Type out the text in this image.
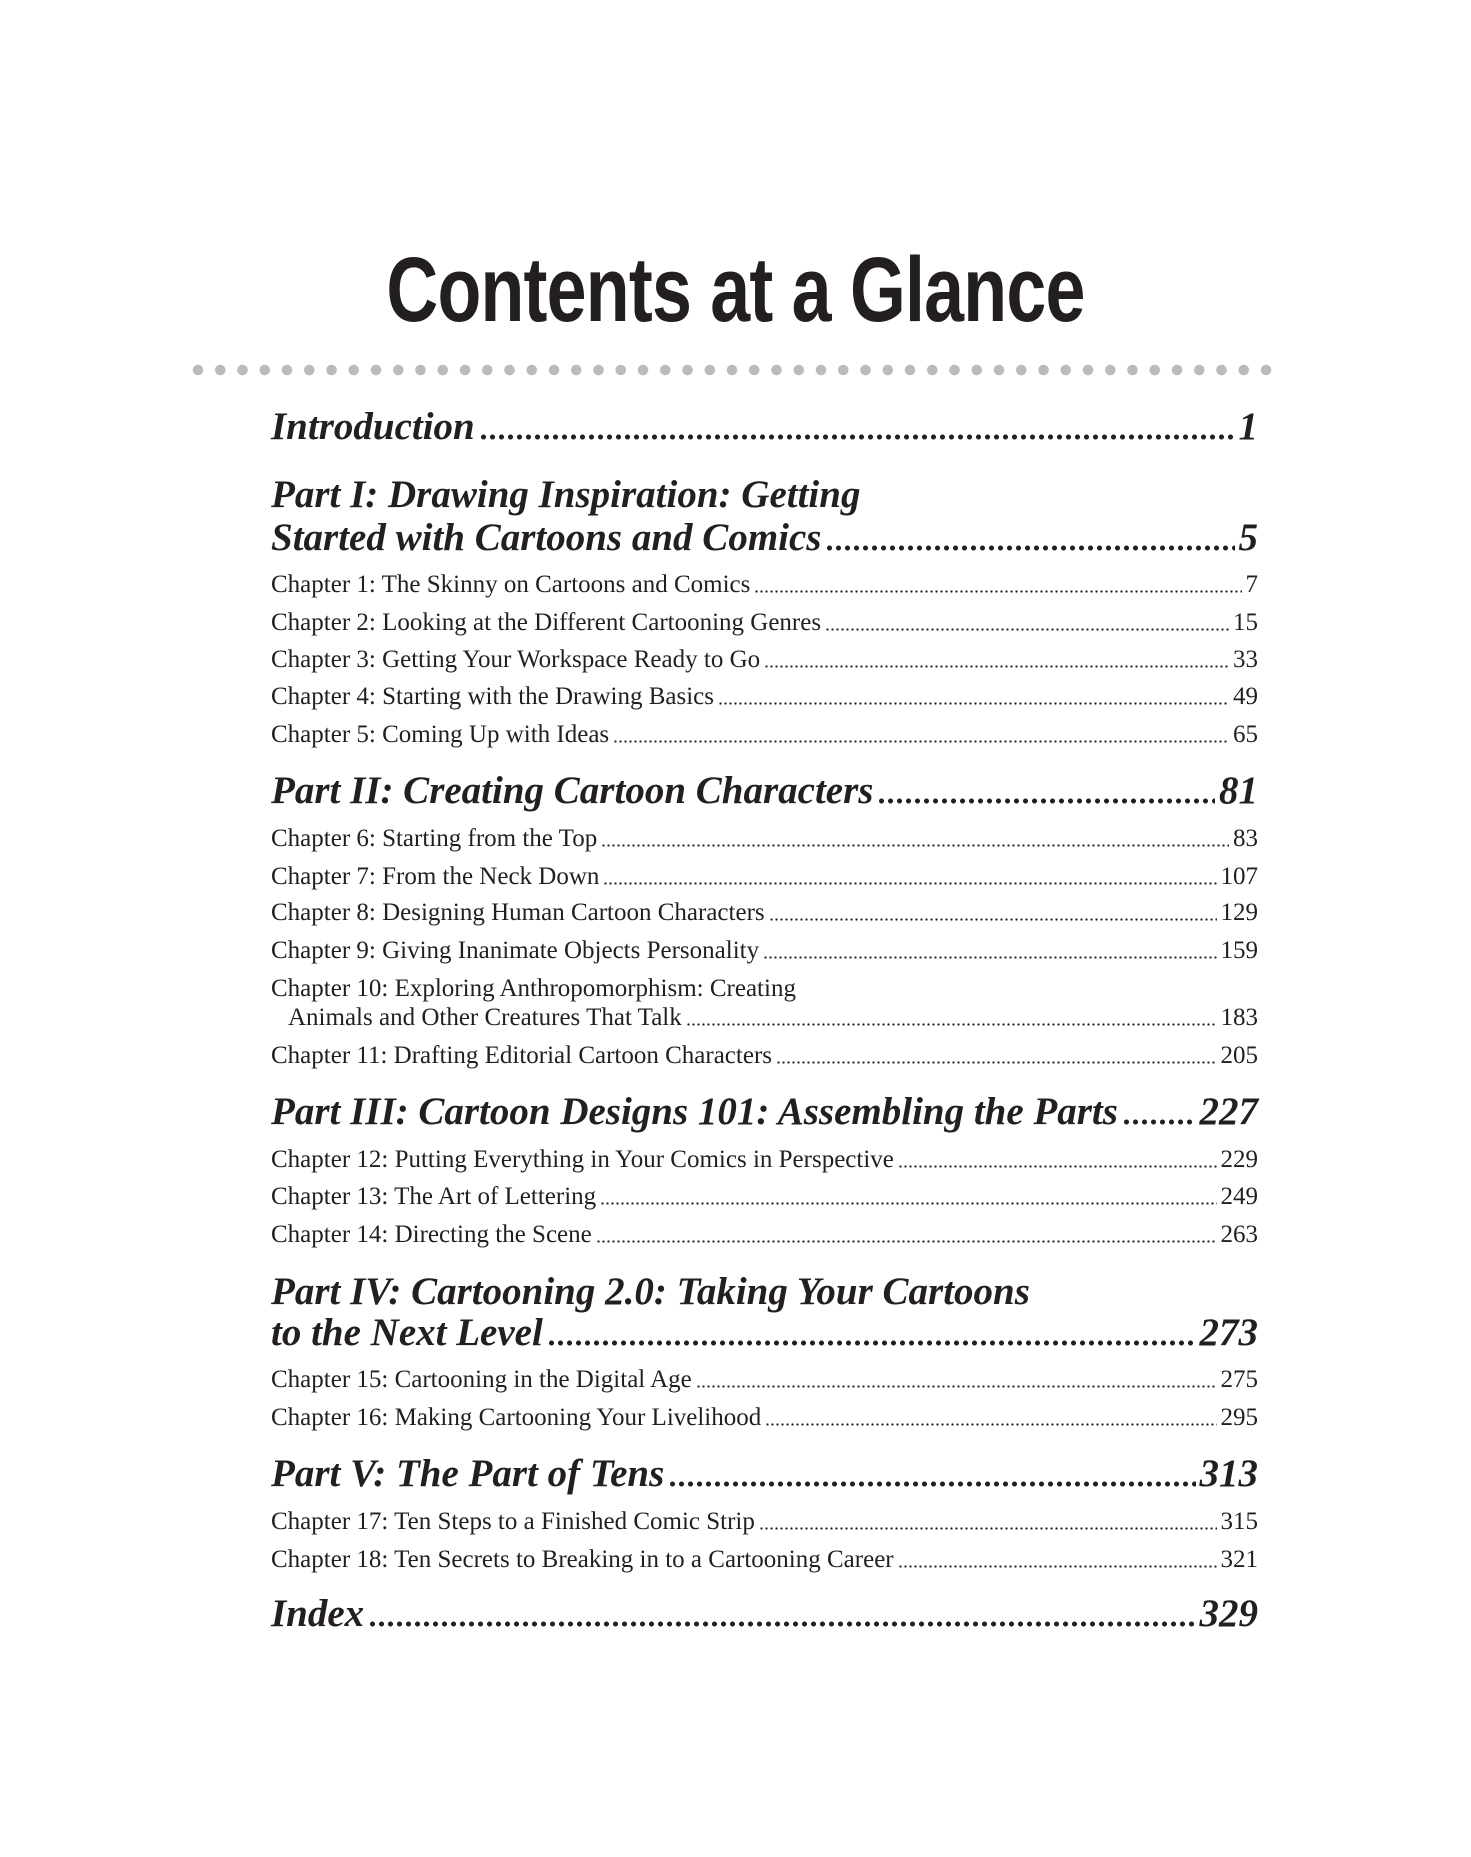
Contents at a Glance
Introduction	1
Part I: Drawing Inspiration: Getting
Started with Cartoons and Comics	5
Chapter 1: The Skinny on Cartoons and Comics	7
Chapter 2: Looking at the Different Cartooning Genres	15
Chapter 3: Getting Your Workspace Ready to Go	33
Chapter 4: Starting with the Drawing Basics	49
Chapter 5: Coming Up with Ideas	65
Part II: Creating Cartoon Characters	81
Chapter 6: Starting from the Top	83
Chapter 7: From the Neck Down	107
Chapter 8: Designing Human Cartoon Characters	129
Chapter 9: Giving Inanimate Objects Personality	159
Chapter 10: Exploring Anthropomorphism: Creating
Animals and Other Creatures That Talk	183
Chapter 11: Drafting Editorial Cartoon Characters	205
Part III: Cartoon Designs 101: Assembling the Parts 227
Chapter 12: Putting Everything in Your Comics in Perspective	229
Chapter 13: The Art of Lettering	249
Chapter 14: Directing the Scene	263
Part IV: Cartooning 2.0: Taking Your Cartoons
to the Next Level	273
Chapter 15: Cartooning in the Digital Age	275
Chapter 16: Making Cartooning Your Livelihood	295
Part V: The Part of Tens	313
Chapter 17: Ten Steps to a Finished Comic Strip	315
Chapter 18: Ten Secrets to Breaking in to a Cartooning Career	321
Index	329
